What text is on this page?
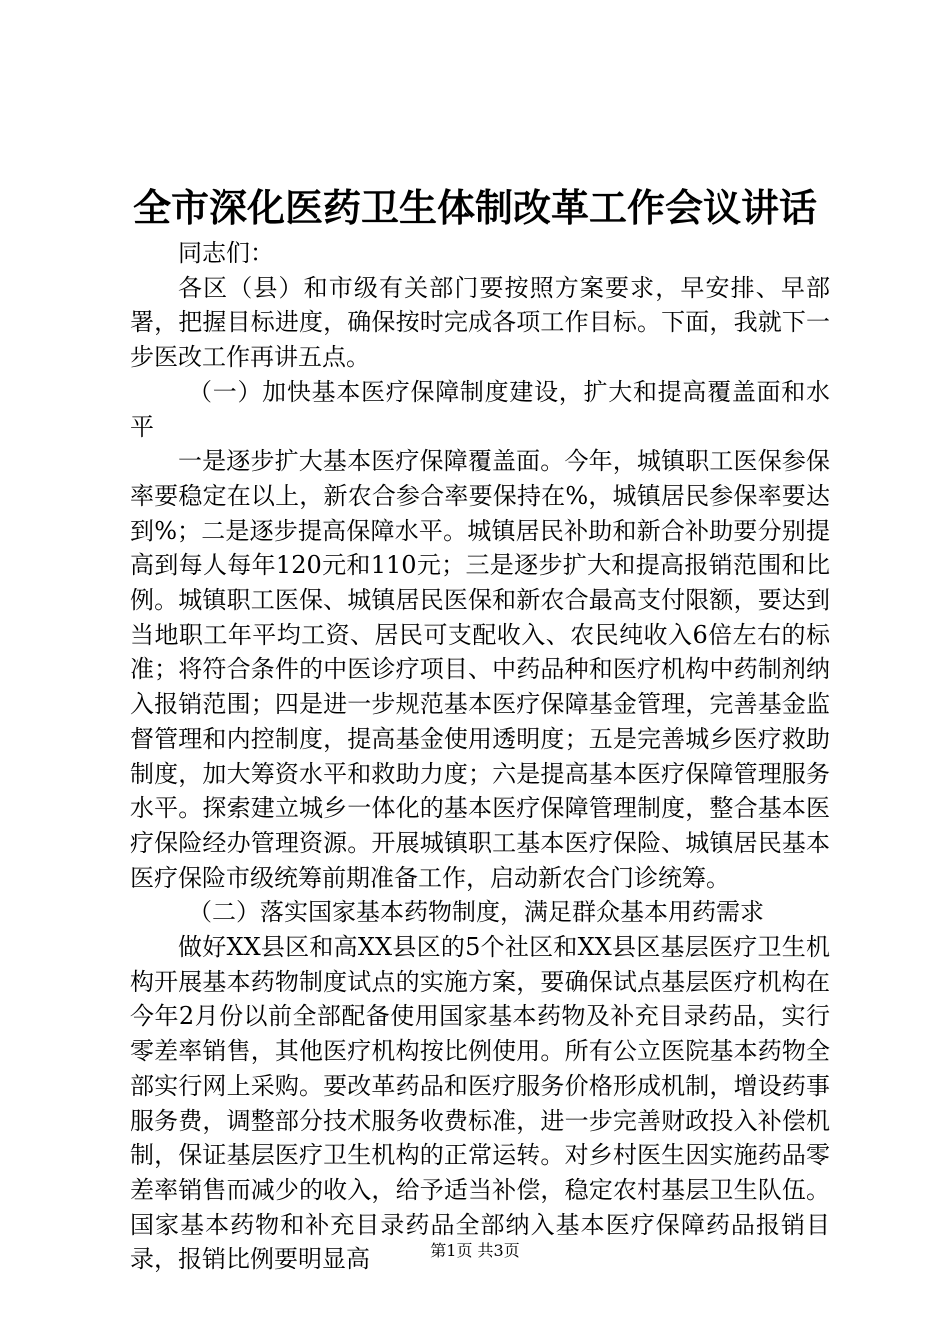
全市深化医药卫生体制改革工作会议讲话

同志们：

各区（县）和市级有关部门要按照方案要求，早安排、早部署，把握目标进度，确保按时完成各项工作目标。下面，我就下一步医改工作再讲五点。

（一）加快基本医疗保障制度建设，扩大和提高覆盖面和水平

一是逐步扩大基本医疗保障覆盖面。今年，城镇职工医保参保率要稳定在以上，新农合参合率要保持在%，城镇居民参保率要达到%；二是逐步提高保障水平。城镇居民补助和新合补助要分别提高到每人每年120元和110元；三是逐步扩大和提高报销范围和比例。城镇职工医保、城镇居民医保和新农合最高支付限额，要达到当地职工年平均工资、居民可支配收入、农民纯收入6倍左右的标准；将符合条件的中医诊疗项目、中药品种和医疗机构中药制剂纳入报销范围；四是进一步规范基本医疗保障基金管理，完善基金监督管理和内控制度，提高基金使用透明度；五是完善城乡医疗救助制度，加大筹资水平和救助力度；六是提高基本医疗保障管理服务水平。探索建立城乡一体化的基本医疗保障管理制度，整合基本医疗保险经办管理资源。开展城镇职工基本医疗保险、城镇居民基本医疗保险市级统筹前期准备工作，启动新农合门诊统筹。

（二）落实国家基本药物制度，满足群众基本用药需求

做好XX县区和高XX县区的5个社区和XX县区基层医疗卫生机构开展基本药物制度试点的实施方案，要确保试点基层医疗机构在今年2月份以前全部配备使用国家基本药物及补充目录药品，实行零差率销售，其他医疗机构按比例使用。所有公立医院基本药物全部实行网上采购。要改革药品和医疗服务价格形成机制，增设药事服务费，调整部分技术服务收费标准，进一步完善财政投入补偿机制，保证基层医疗卫生机构的正常运转。对乡村医生因实施药品零差率销售而减少的收入，给予适当补偿，稳定农村基层卫生队伍。国家基本药物和补充目录药品全部纳入基本医疗保障药品报销目录，报销比例要明显高	第1页 共3页
